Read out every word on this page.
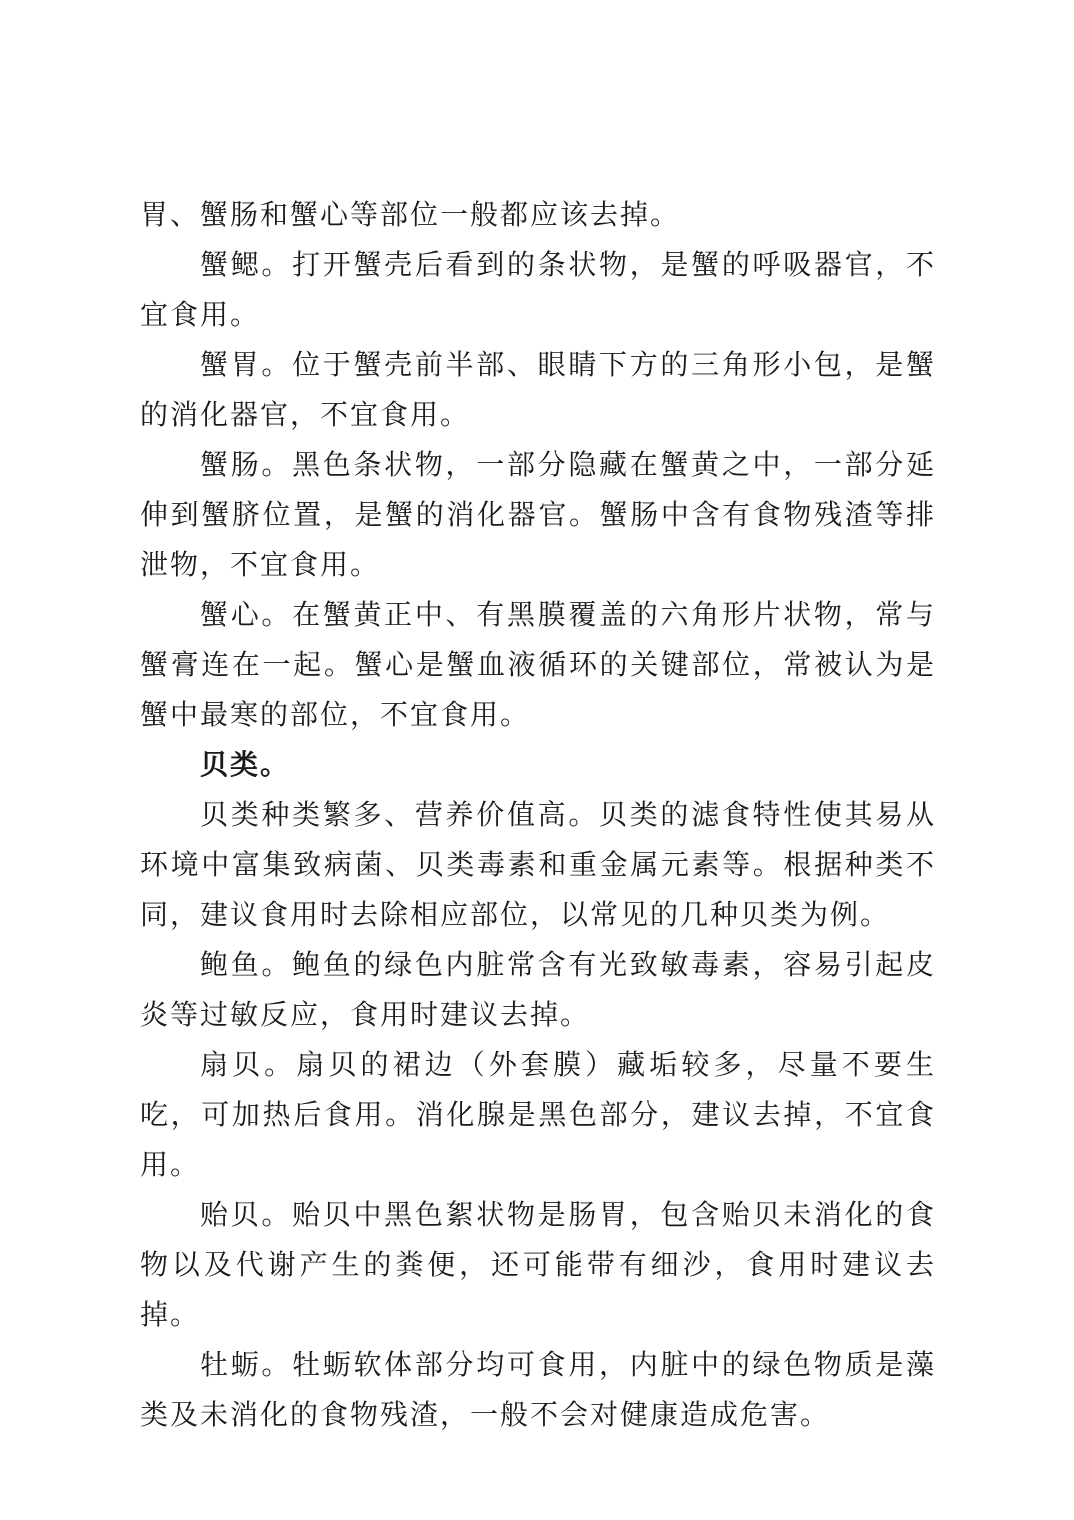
胃、蟹肠和蟹心等部位一般都应该去掉。

蟹鳃。打开蟹壳后看到的条状物，是蟹的呼吸器官，不宜食用。

蟹胃。位于蟹壳前半部、眼睛下方的三角形小包，是蟹的消化器官，不宜食用。

蟹肠。黑色条状物，一部分隐藏在蟹黄之中，一部分延伸到蟹脐位置，是蟹的消化器官。蟹肠中含有食物残渣等排泄物，不宜食用。

蟹心。在蟹黄正中、有黑膜覆盖的六角形片状物，常与蟹膏连在一起。蟹心是蟹血液循环的关键部位，常被认为是蟹中最寒的部位，不宜食用。

贝类。

贝类种类繁多、营养价值高。贝类的滤食特性使其易从环境中富集致病菌、贝类毒素和重金属元素等。根据种类不同，建议食用时去除相应部位，以常见的几种贝类为例。

鲍鱼。鲍鱼的绿色内脏常含有光致敏毒素，容易引起皮炎等过敏反应，食用时建议去掉。

扇贝。扇贝的裙边（外套膜）藏垢较多，尽量不要生吃，可加热后食用。消化腺是黑色部分，建议去掉，不宜食用。

贻贝。贻贝中黑色絮状物是肠胃，包含贻贝未消化的食物以及代谢产生的粪便，还可能带有细沙，食用时建议去掉。

牡蛎。牡蛎软体部分均可食用，内脏中的绿色物质是藻类及未消化的食物残渣，一般不会对健康造成危害。
